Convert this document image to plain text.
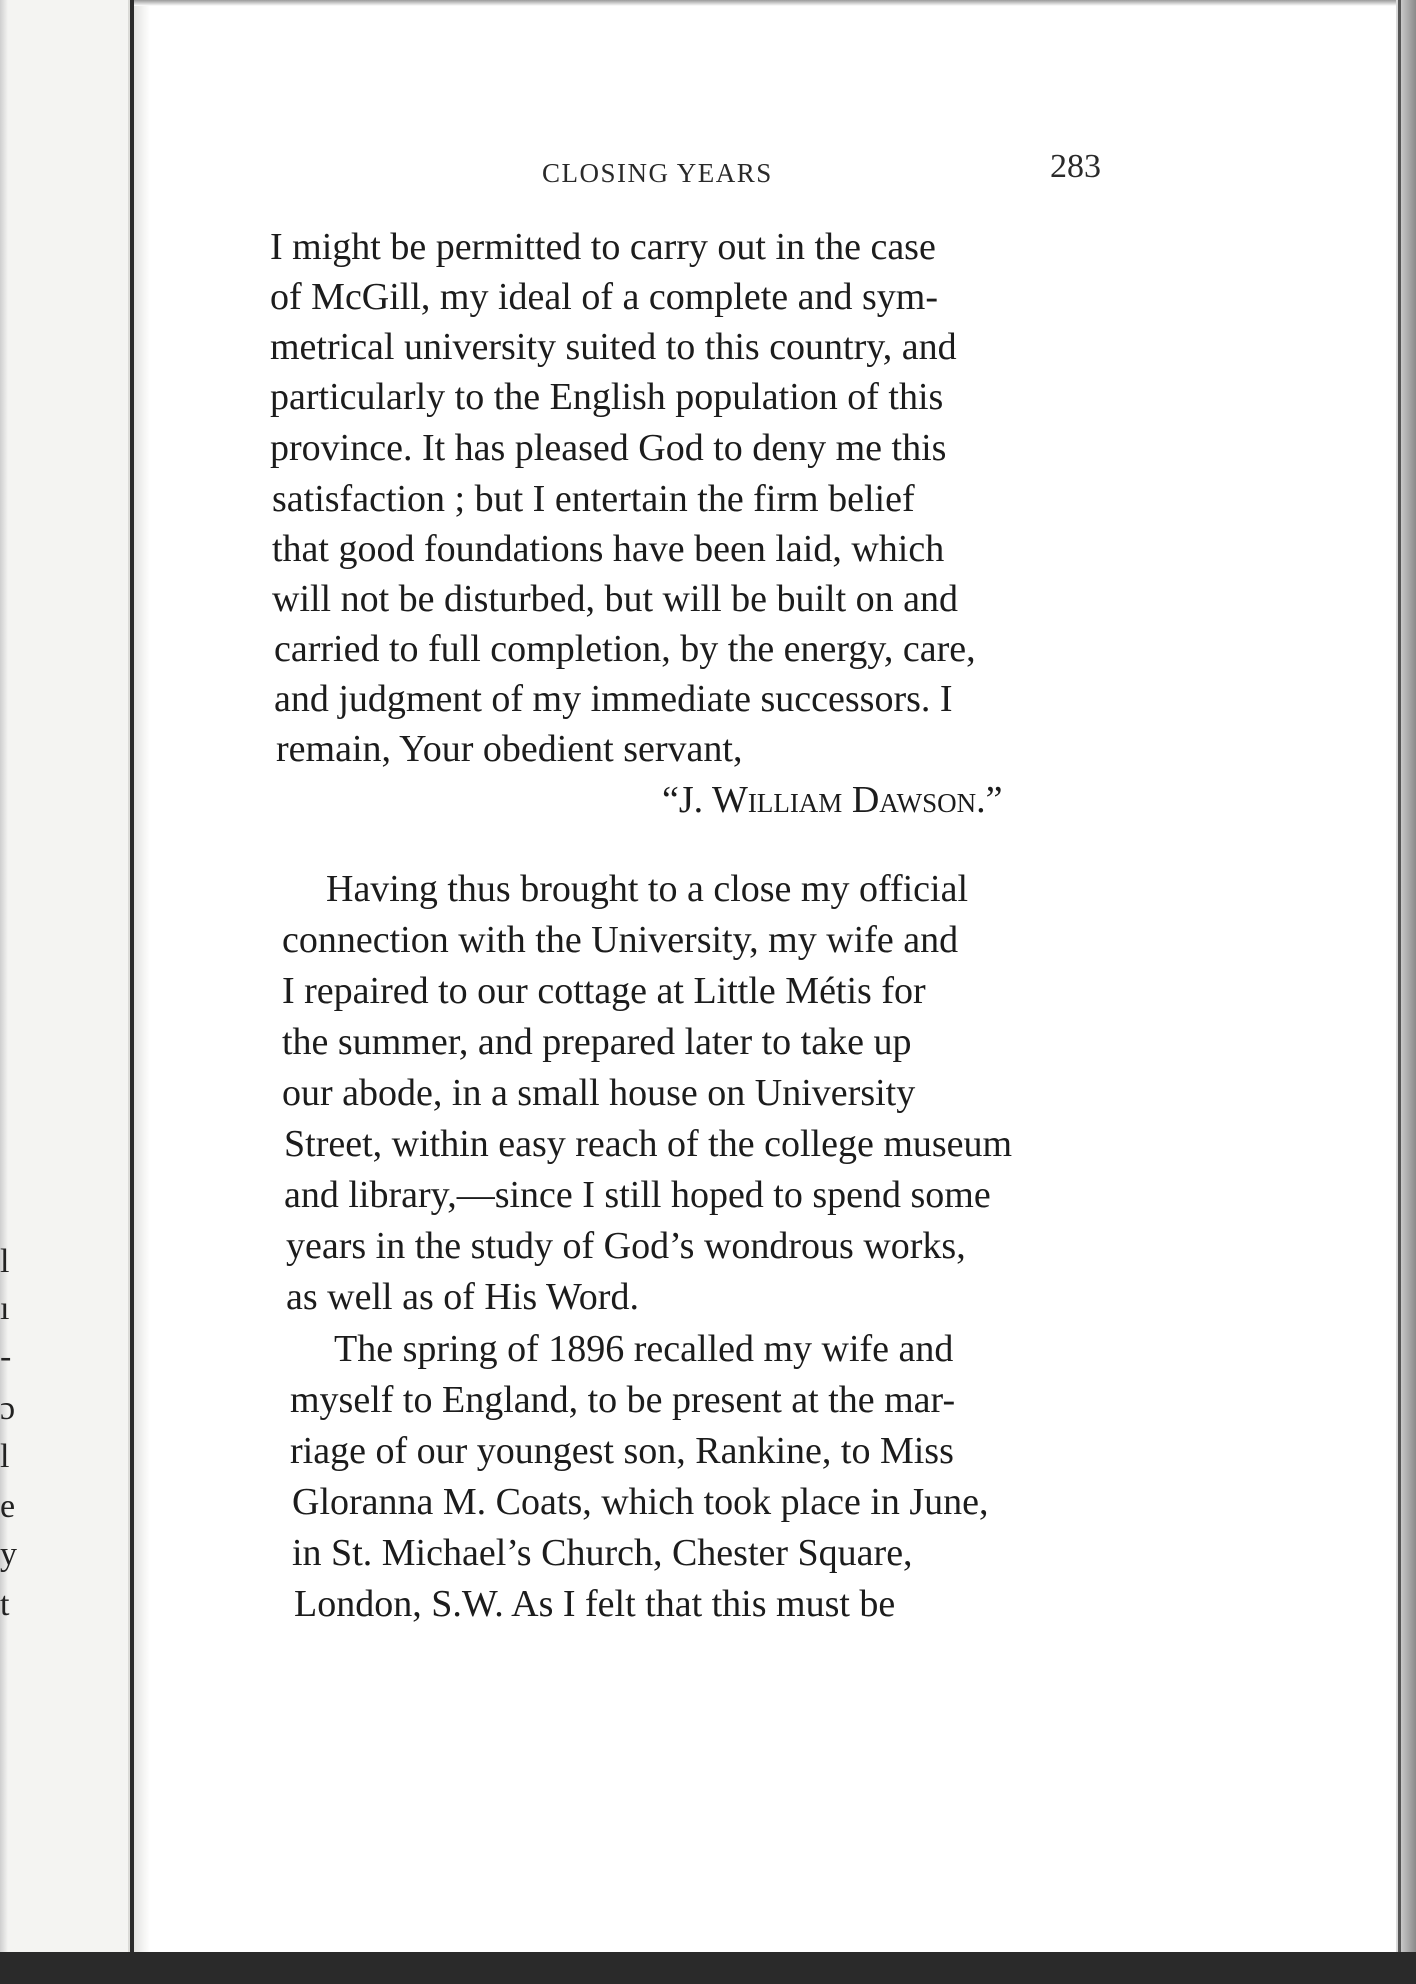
l
ı
-
ɔ
l
e
y
t
CLOSING YEARS	283
I might be permitted to carry out in the case
of McGill, my ideal of a complete and sym-
metrical university suited to this country, and
particularly to the English population of this
province. It has pleased God to deny me this
satisfaction ; but I entertain the firm belief
that good foundations have been laid, which
will not be disturbed, but will be built on and
carried to full completion, by the energy, care,
and judgment of my immediate successors. I
remain, Your obedient servant,
“J. William Dawson.”
Having thus brought to a close my official
connection with the University, my wife and
I repaired to our cottage at Little Métis for
the summer, and prepared later to take up
our abode, in a small house on University
Street, within easy reach of the college museum
and library,—since I still hoped to spend some
years in the study of God’s wondrous works,
as well as of His Word.
The spring of 1896 recalled my wife and
myself to England, to be present at the mar-
riage of our youngest son, Rankine, to Miss
Gloranna M. Coats, which took place in June,
in St. Michael’s Church, Chester Square,
London, S.W. As I felt that this must be
